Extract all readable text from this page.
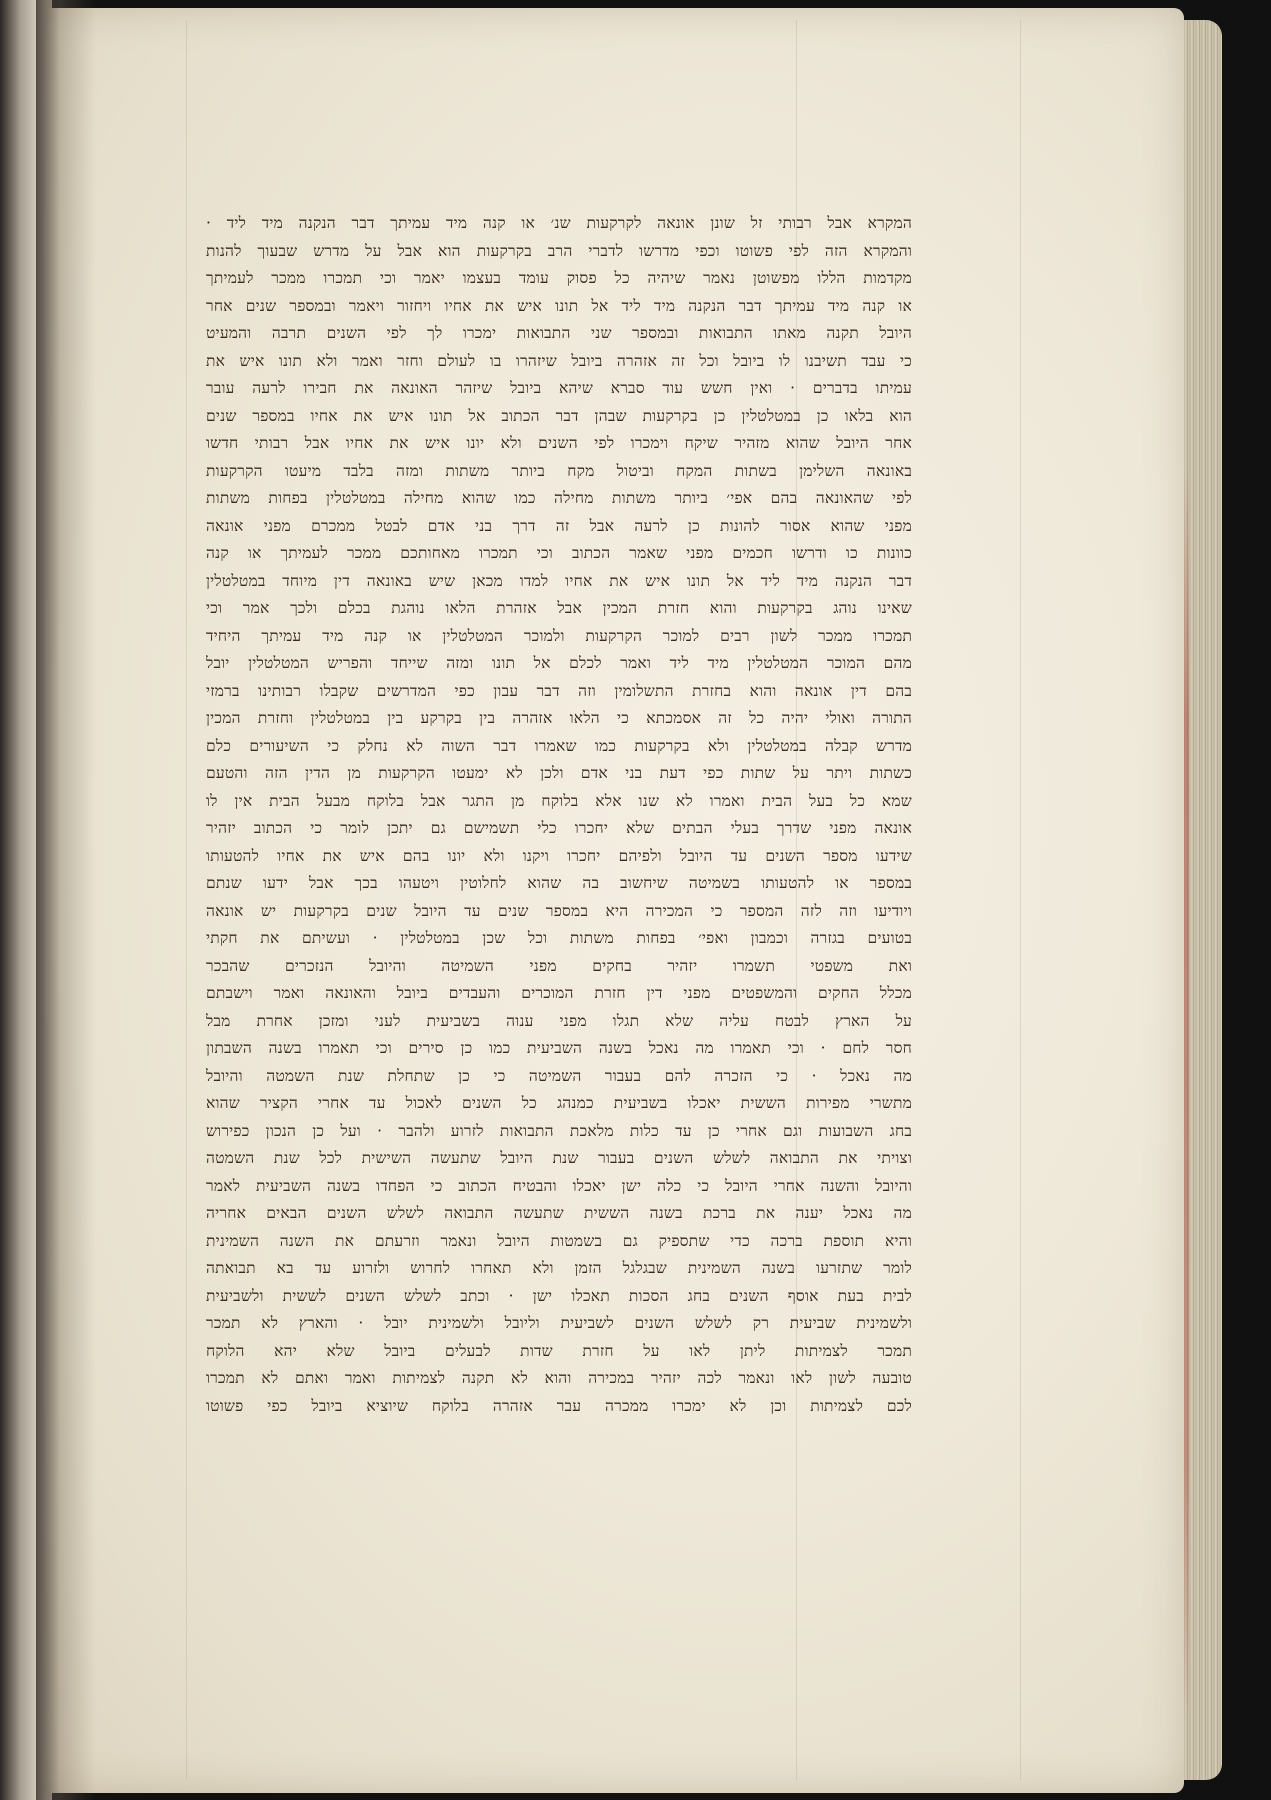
המקרא אבל רבותי זל שונן אונאה לקרקעות שנ׳ או קנה מיד עמיתך דבר הנקנה מיד ליד ·
והמקרא הזה לפי פשוטו וכפי מדרשו לדברי הרב בקרקעות הוא אבל על מדרש שבעוך להנות
מקדמות הללו מפשוטן נאמר שיהיה כל פסוק עומד בעצמו יאמר וכי תמכרו ממכר לעמיתך
או קנה מיד עמיתך דבר הנקנה מיד ליד אל תונו איש את אחיו ויחזור ויאמר ובמספר שנים אחר
היובל תקנה מאתו התבואות ובמספר שני התבואות ימכרו לך לפי השנים תרבה והמעיט
כי עבד תשיבנו לו ביובל וכל זה אזהרה ביובל שיזהרו בו לעולם וחזר ואמר ולא תונו איש את
עמיתו בדברים · ואין חשש עוד סברא שיהא ביובל שיזהר האונאה את חבירו לרעה עובר
הוא בלאו כן במטלטלין כן בקרקעות שבהן דבר הכתוב אל תונו איש את אחיו במספר שנים
אחר היובל שהוא מזהיר שיקח וימכרו לפי השנים ולא יונו איש את אחיו אבל רבותי חדשו
באונאה השלימן בשתות המקח וביטול מקח ביותר משתות ומזה בלבד מיעטו הקרקעות
לפי שהאונאה בהם אפי׳ ביותר משתות מחילה כמו שהוא מחילה במטלטלין בפחות משתות
מפני שהוא אסור להונות כן לרעה אבל זה דרך בני אדם לבטל ממכרם מפני אונאה
כוונות כו ודרשו חכמים מפני שאמר הכתוב וכי תמכרו מאחותכם ממכר לעמיתך או קנה
דבר הנקנה מיד ליד אל תונו איש את אחיו למדו מכאן שיש באונאה דין מיוחד במטלטלין
שאינו נוהג בקרקעות והוא חזרת המכין אבל אזהרת הלאו נוהגת בכלם ולכך אמר וכי
תמכרו ממכר לשון רבים למוכר הקרקעות ולמוכר המטלטלין או קנה מיד עמיתך היחיד
מהם המוכר המטלטלין מיד ליד ואמר לכלם אל תונו ומזה שייחד והפריש המטלטלין יובל
בהם דין אונאה והוא בחזרת התשלומין וזה דבר עבון כפי המדרשים שקבלו רבותינו ברמזי
התורה ואולי יהיה כל זה אסמכתא כי הלאו אזהרה בין בקרקע בין במטלטלין וחזרת המכין
מדרש קבלה במטלטלין ולא בקרקעות כמו שאמרו דבר השוה לא נחלק כי השיעורים כלם
כשתות ויתר על שתות כפי דעת בני אדם ולכן לא ימעטו הקרקעות מן הדין הזה והטעם
שמא כל בעל הבית ואמרו לא שנו אלא בלוקח מן התגר אבל בלוקח מבעל הבית אין לו
אונאה מפני שדרך בעלי הבתים שלא יחכרו כלי תשמישם גם יתכן לומר כי הכתוב יזהיר
שידעו מספר השנים עד היובל ולפיהם יחכרו ויקנו ולא יונו בהם איש את אחיו להטעותו
במספר או להטעותו בשמיטה שיחשוב בה שהוא לחלוטין ויטעהו בכך אבל ידעו שנתם
ויודיעו וזה לזה המספר כי המכירה היא במספר שנים עד היובל שנים בקרקעות יש אונאה
בטועים בגזרה וכמבון ואפי׳ בפחות משתות וכל שכן במטלטלין · ועשיתם את חקתי
ואת משפטי תשמרו יזהיר בחקים מפני השמיטה והיובל הנזכרים שהבכר
מכלל החקים והמשפטים מפני דין חזרת המוכרים והעבדים ביובל והאונאה ואמר וישבתם
על הארץ לבטח עליה שלא תגלו מפני ענוה בשביעית לעני ומזכן אחרת מבל
חסר לחם · וכי תאמרו מה נאכל בשנה השביעית כמו כן סירים וכי תאמרו בשנה השבתון
מה נאכל · כי הזכרה להם בעבור השמיטה כי כן שתחלת שנת השמטה והיובל
מתשרי מפירות הששית יאכלו בשביעית כמנהג כל השנים לאכול עד אחרי הקציר שהוא
בחג השבועות וגם אחרי כן עד כלות מלאכת התבואות לזרוע ולהבר · ועל כן הנכון כפירוש
וצויתי את התבואה לשלש השנים בעבור שנת היובל שתעשה השישית לכל שנת השמטה
והיובל והשנה אחרי היובל כי כלה ישן יאכלו והבטיח הכתוב כי הפחדו בשנה השביעית לאמר
מה נאכל יענה את ברכת בשנה הששית שתעשה התבואה לשלש השנים הבאים אחריה
והיא תוספת ברכה כדי שתספיק גם בשמטות היובל ונאמר וזרעתם את השנה השמינית
לומר שתזרעו בשנה השמינית שבגלגל הזמן ולא תאחרו לחרוש ולזרוע עד בא תבואתה
לבית בעת אוסף השנים בחג הסכות תאכלו ישן · וכתב לשלש השנים לששית ולשביעית
ולשמינית שביעית רק לשלש השנים לשביעית וליובל ולשמינית יובל · והארץ לא תמכר
תמכר לצמיתות ליתן לאו על חזרת שדות לבעלים ביובל שלא יהא הלוקח
טובעה לשון לאו ונאמר לכה יזהיר במכירה והוא לא תקנה לצמיתות ואמר ואתם לא תמכרו
לכם לצמיתות וכן לא ימכרו ממכרה עבר אזהרה בלוקח שיוציא ביובל כפי פשוטו
